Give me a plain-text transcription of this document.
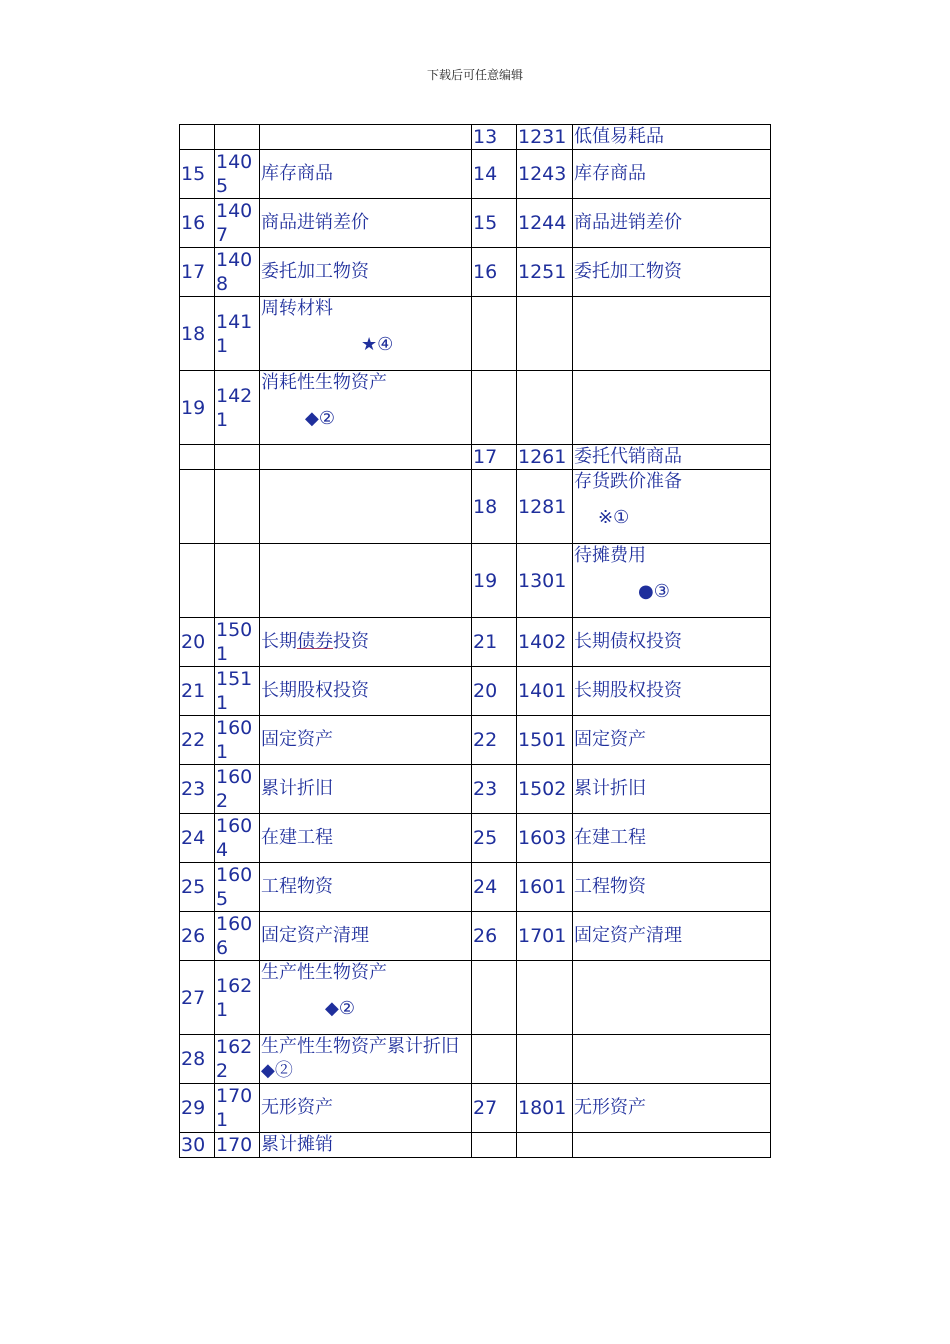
下载后可任意编辑
			13	1231	低值易耗品
15	1405	库存商品	14	1243	库存商品
16	1407	商品进销差价	15	1244	商品进销差价
17	1408	委托加工物资	16	1251	委托加工物资
18	1411	周转材料
★④			

19	1421	消耗性生物资产
◆②			

			17	1261	委托代销商品
			18	1281	存货跌价准备
※①

			19	1301	待摊费用
●③

20	1501	长期债券投资	21	1402	长期债权投资
21	1511	长期股权投资	20	1401	长期股权投资
22	1601	固定资产	22	1501	固定资产
23	1602	累计折旧	23	1502	累计折旧
24	1604	在建工程	25	1603	在建工程
25	1605	工程物资	24	1601	工程物资
26	1606	固定资产清理	26	1701	固定资产清理
27	1621	生产性生物资产
◆②			

28	1622	生产性生物资产累计折旧◆②			
29	1701	无形资产	27	1801	无形资产
30	170	累计摊销			
